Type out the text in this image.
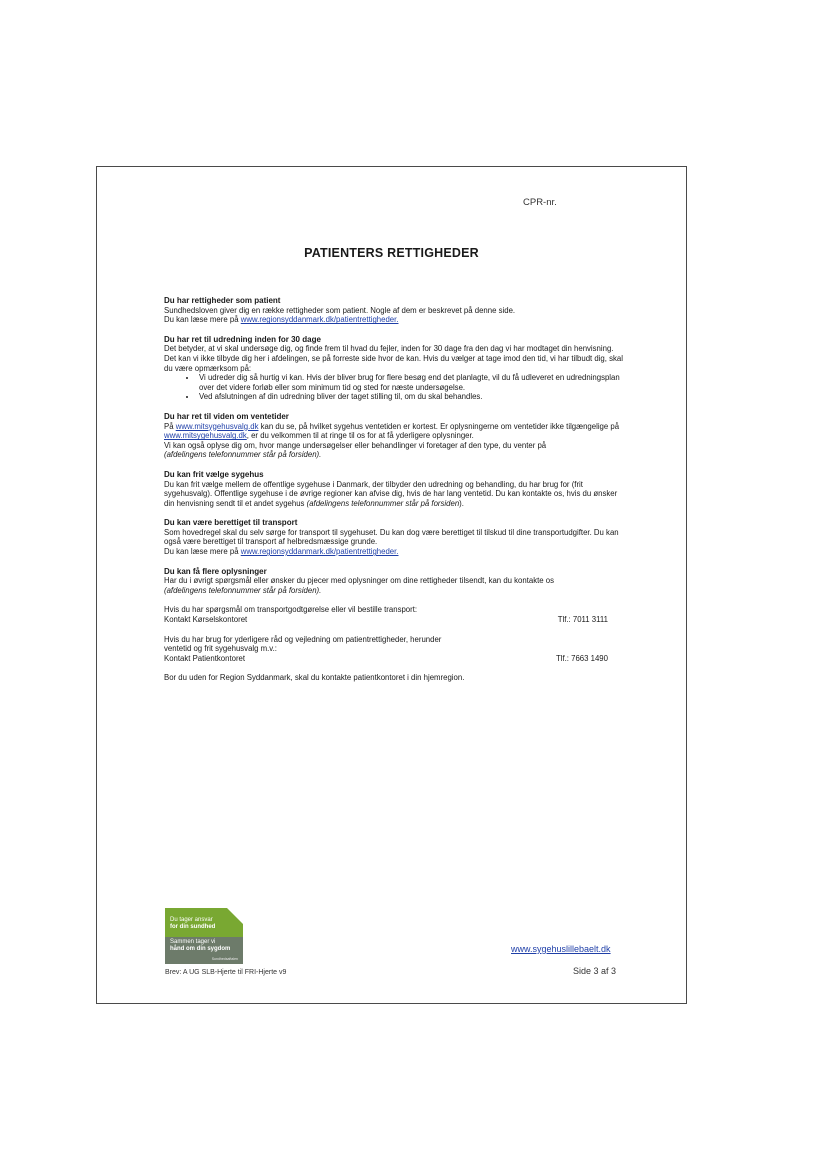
CPR-nr.
PATIENTERS RETTIGHEDER
Du har rettigheder som patient

Sundhedsloven giver dig en række rettigheder som patient. Nogle af dem er beskrevet på denne side.

Du kan læse mere på www.regionsyddanmark.dk/patientrettigheder.

Du har ret til udredning inden for 30 dage

Det betyder, at vi skal undersøge dig, og finde frem til hvad du fejler, inden for 30 dage fra den dag vi har modtaget din henvisning. Det kan vi ikke tilbyde dig her i afdelingen, se på forreste side hvor de kan. Hvis du vælger at tage imod den tid, vi har tilbudt dig, skal du være opmærksom på:

• Vi udreder dig så hurtig vi kan. Hvis der bliver brug for flere besøg end det planlagte, vil du få udleveret en udredningsplan over det videre forløb eller som minimum tid og sted for næste undersøgelse.
• Ved afslutningen af din udredning bliver der taget stilling til, om du skal behandles.
Du har ret til viden om ventetider

På www.mitsygehusvalg.dk kan du se, på hvilket sygehus ventetiden er kortest. Er oplysningerne om ventetider ikke tilgængelige på www.mitsygehusvalg.dk, er du velkommen til at ringe til os for at få yderligere oplysninger.

Vi kan også oplyse dig om, hvor mange undersøgelser eller behandlinger vi foretager af den type, du venter på

(afdelingens telefonnummer står på forsiden).

Du kan frit vælge sygehus

Du kan frit vælge mellem de offentlige sygehuse i Danmark, der tilbyder den udredning og behandling, du har brug for (frit sygehusvalg). Offentlige sygehuse i de øvrige regioner kan afvise dig, hvis de har lang ventetid. Du kan kontakte os, hvis du ønsker din henvisning sendt til et andet sygehus (afdelingens telefonnummer står på forsiden).

Du kan være berettiget til transport

Som hovedregel skal du selv sørge for transport til sygehuset. Du kan dog være berettiget til tilskud til dine transportudgifter. Du kan også være berettiget til transport af helbredsmæssige grunde.

Du kan læse mere på www.regionsyddanmark.dk/patientrettigheder.

Du kan få flere oplysninger

Har du i øvrigt spørgsmål eller ønsker du pjecer med oplysninger om dine rettigheder tilsendt, kan du kontakte os

(afdelingens telefonnummer står på forsiden).

Hvis du har spørgsmål om transportgodtgørelse eller vil bestille transport:
Kontakt Kørselskontoret	Tlf.: 7011 3111
Hvis du har brug for yderligere råd og vejledning om patientrettigheder, herunder
ventetid og frit sygehusvalg m.v.:
Kontakt Patientkontoret	Tlf.: 7663 1490
Bor du uden for Region Syddanmark, skal du kontakte patientkontoret i din hjemregion.
Du tager ansvar
for din sundhed
Sammen tager vi
hånd om din sygdom
Sundhedsaftalen
www.sygehuslillebaelt.dk
Brev: A UG SLB-Hjerte til FRI-Hjerte v9	Side 3 af 3
